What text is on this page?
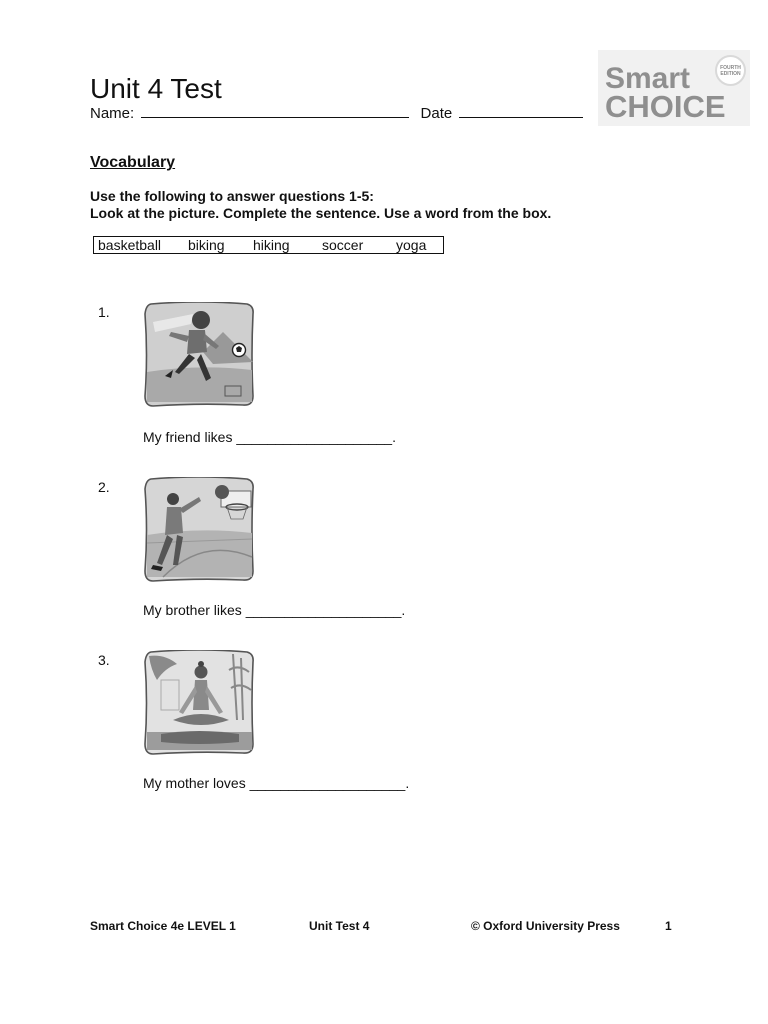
Unit 4 Test
Name:	Date
Smart
CHOICE
FOURTH EDITION
Vocabulary
Use the following to answer questions 1-5:
Look at the picture. Complete the sentence. Use a word from the box.
basketball biking hiking soccer yoga
1.
My friend likes ____________________.
2.
My brother likes ____________________.
3.
My mother loves ____________________.
Smart Choice 4e LEVEL 1	Unit Test 4	© Oxford University Press	1
